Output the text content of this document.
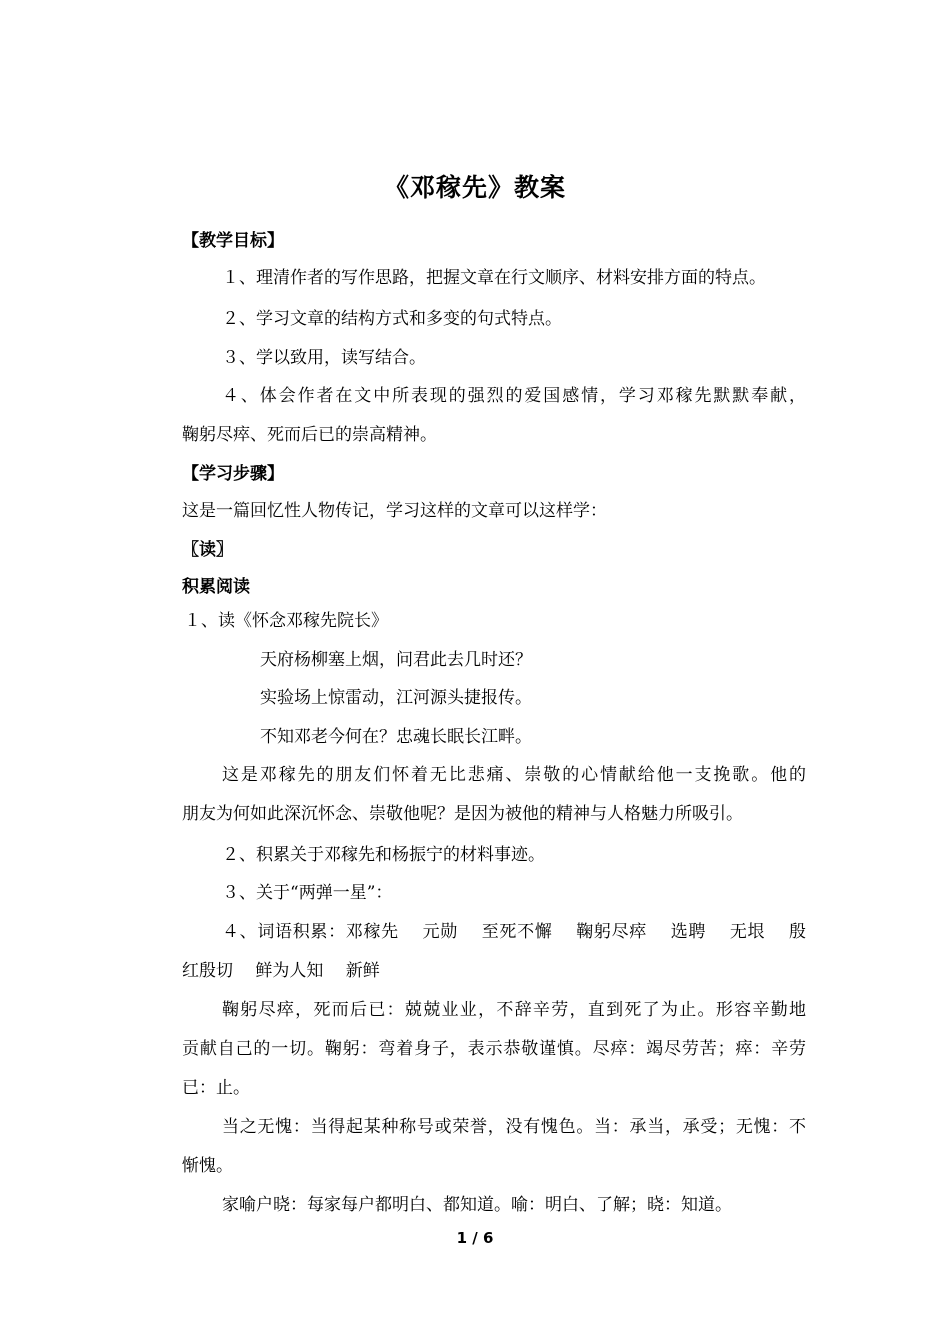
《邓稼先》教案
【教学目标】
１、理清作者的写作思路，把握文章在行文顺序、材料安排方面的特点。
２、学习文章的结构方式和多变的句式特点。
３、学以致用，读写结合。
４、体会作者在文中所表现的强烈的爱国感情，学习邓稼先默默奉献，
鞠躬尽瘁、死而后已的崇高精神。
【学习步骤】
这是一篇回忆性人物传记，学习这样的文章可以这样学：
〖读〗
积累阅读
１、读《怀念邓稼先院长》
天府杨柳塞上烟，问君此去几时还？
实验场上惊雷动，江河源头捷报传。
不知邓老今何在？忠魂长眠长江畔。
这是邓稼先的朋友们怀着无比悲痛、崇敬的心情献给他一支挽歌。他的
朋友为何如此深沉怀念、崇敬他呢？是因为被他的精神与人格魅力所吸引。
２、积累关于邓稼先和杨振宁的材料事迹。
３、关于“两弹一星”：
４、词语积累：邓稼先　 元勋　 至死不懈　 鞠躬尽瘁　 选聘　 无垠　 殷
红殷切　 鲜为人知　 新鲜
鞠躬尽瘁，死而后已：兢兢业业，不辞辛劳，直到死了为止。形容辛勤地
贡献自己的一切。鞠躬：弯着身子，表示恭敬谨慎。尽瘁：竭尽劳苦；瘁：辛劳
已：止。
当之无愧：当得起某种称号或荣誉，没有愧色。当：承当，承受；无愧：不
惭愧。
家喻户晓：每家每户都明白、都知道。喻：明白、了解；晓：知道。
1 / 6
